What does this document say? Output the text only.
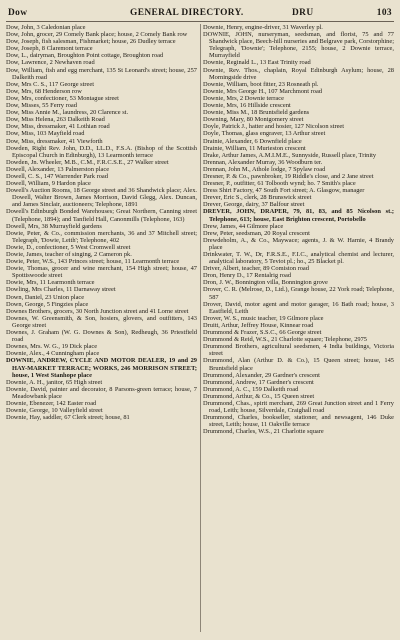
Dow	GENERAL DIRECTORY.	DRU	103

Dow, John, 3 Caledonian place

Dow, John, grocer, 29 Comely Bank place; house, 2 Comely Bank row

Dow, Joseph, fish salesman, Fishmarket; house, 26 Dudley terrace

Dow, Joseph, 8 Claremont terrace

Dow, L., dairyman, Broughton Point cottage, Broughton road

Dow, Lawrence, 2 Newhaven road

Dow, William, fish and egg merchant, 135 St Leonard's street; house, 257 Dalkeith road

Dow, Mrs C. S., 117 George street

Dow, Mrs, 68 Henderson row

Dow, Mrs, confectioner, 53 Montague street

Dow, Misses, 55 Ferry road

Dow, Miss Annie M., laundress, 20 Clarence st.

Dow, Miss Helena, 263 Dalkeith Road

Dow, Miss, dressmaker, 41 Lothian road

Dow, Miss, 103 Mayfield road

Dow, Miss, dressmaker, 41 Viewforth

Dowden, Right Rev. John, D.D., LL.D., F.S.A. (Bishop of the Scottish Episcopal Church in Edinburgh), 13 Learmonth terrace

Dowden, Jn. Wheeler, M.B., C.M., F.R.C.S.E., 27 Walker street

Dowell, Alexander, 13 Palmerston place

Dowell, C. S., 147 Warrender Park road

Dowell, William, 9 Hardon place

Dowell's Auction Rooms, 18 George street and 36 Shandwick place; Alex. Dowell, Walter Brown, James Morrison, David Glegg, Alex. Duncan, and James Sinclair, auctioneers; Telephone, 1891

Dowell's Edinburgh Bonded Warehouses; Great Northern, Canning street (Telephone, 1894); and Tanfield Hall, Canonmills (Telephone, 163)

Dowell, Mrs, 38 Murrayfield gardens

Dowie, Peter, & Co., commission merchants, 36 and 37 Mitchell street; Telegraph, 'Dowie, Leith'; Telephone, 402

Dowie, D., confectioner, 5 West Cromwell street

Dowie, James, teacher of singing, 2 Cameron pk.

Dowie, Peter, W.S., 143 Princes street; house, 11 Learmonth terrace

Dowie, Thomas, grocer and wine merchant, 154 High street; house, 47 Spottiswoode street

Dowie, Mrs, 11 Learmonth terrace

Dowling, Mrs Charles, 11 Darnaway street

Down, Daniel, 23 Union place

Down, George, 5 Fingzies place

Downes Brothers, grocers, 30 North Junction street and 41 Lorne street

Downes, W. Greensmith, & Son, hosiers, glovers, and outfitters, 143 George street

Downes, J. Graham (W. G. Downes & Son), Redheugh, 36 Priestfield road

Downes, Mrs. W. G., 19 Dick place

Downie, Alex., 4 Cunningham place

DOWNIE, ANDREW, CYCLE AND MOTOR DEALER, 19 and 29 HAY-MARKET TERRACE; WORKS, 246 MORRISON STREET; house, 1 West Stanhope place

Downie, A. H., janitor, 65 High street

Downie, David, painter and decorator, 8 Parsons-green terrace; house, 7 Meadowbank place

Downie, Ebenezer, 142 Easter road

Downie, George, 10 Valleyfield street

Downie, Hay, saddler, 67 Clerk street; house, 81

Downie, Henry, engine-driver, 31 Waverley pl.

DOWNIE, JOHN, nurseryman, seedsman, and florist, 75 and 77 Shandwick place, Beech-hill nurseries and Belgrave park, Corstorphine; Telegraph, 'Downie'; Telephone, 2155; house, 2 Downie terrace, Murrayfield

Downie, Reginald L., 13 East Trinity road

Downie, Rev. Thos., chaplain, Royal Edinburgh Asylum; house, 28 Morningside drive

Downie, William, boot fitter, 23 Rosneath pl.

Downie, Mrs George H., 107 Marchmont road

Downie, Mrs, 2 Downie terrace

Downie, Mrs, 16 Hillside crescent

Downie, Miss M., 18 Bruntsfield gardens

Downing, Mary, 80 Montgomery street

Doyle, Patrick J., hatter and hosier, 127 Nicolson street

Doyle, Thomas, glass engraver, 13 Arthur street

Drainie, Alexander, 6 Downfield place

Drainie, William, 11 Murieston crescent

Drake, Arthur James, A.M.I.M.E., Sunnyside, Russell place, Trinity

Drennan, Alexander Murray, 36 Woodburn ter.

Drennan, John M., Athole lodge, 7 Spylaw road

Dresner, P. & Co., pawnbroker, 19 Riddle's close, and 2 Jane street

Dresner, P., outfitter, 61 Tolbooth wynd; ho. 7 Smith's place

Dress Shirt Factory, 47 South Fort street; A. Glasgow, manager

Drever, Eric S., clerk, 28 Brunswick street

Drever, George, dairy, 37 Balfour street

DREVER, JOHN, DRAPER, 79, 81, 83, and 85 Nicolson st.; Telephone, 613; house, East Brighton crescent, Portobello

Drew, James, 44 Gilmore place

Drew, Peter, seedsman, 20 Royal crescent

Drewdeholm, A., & Co., Maywace; agents, J. & W. Harnie, 4 Brandy place

Drinkwater, T. W., Dr, F.R.S.E., F.I.C., analytical chemist and lecturer, analytical laboratory, 5 Teviot pl.; ho., 25 Blacket pl.

Driver, Albert, teacher, 89 Comiston road

Dron, Henry D., 17 Rentalrig road

Dron, J. W., Bonnington villa, Bonnington grove

Drover, C. R. (Melrose, D., Ltd.), Grange house, 22 York road; Telephone, 587

Drover, David, motor agent and motor garager, 16 Bath road; house, 3 Eastfield, Leith

Drover, W. S., music teacher, 19 Gilmore place

Druitt, Arthur, Jeffrey House, Kinnear road

Drummond & Frazer, S.S.C., 66 George street

Drummond & Reid, W.S., 21 Charlotte square; Telephone, 2975

Drummond Brothers, agricultural seedsmen, 4 India buildings, Victoria street

Drummond, Alan (Arthur D. & Co.), 15 Queen street; house, 145 Bruntsfield place

Drummond, Alexander, 29 Gardner's crescent

Drummond, Andrew, 17 Gardner's crescent

Drummond, A. C., 159 Dalkeith road

Drummond, Arthur, & Co., 15 Queen street

Drummond, Chas., spirit merchant, 269 Great Junction street and 1 Ferry road, Leith; house, Silverdale, Craighall road

Drummond, Charles, bookseller, stationer, and newsagent, 146 Duke street, Leith; house, 11 Oakville terrace

Drummond, Charles, W.S., 21 Charlotte square
